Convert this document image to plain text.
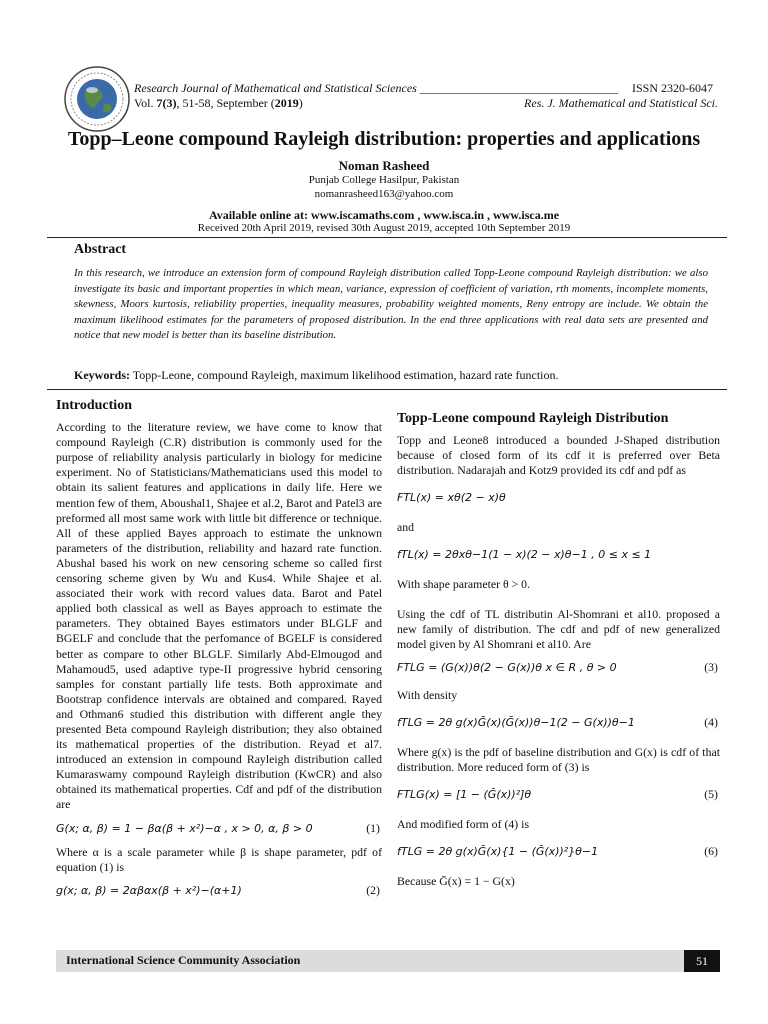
Research Journal of Mathematical and Statistical Sciences _________________________________ ISSN 2320-6047
Vol. 7(3), 51-58, September (2019)	Res. J. Mathematical and Statistical Sci.
Topp–Leone compound Rayleigh distribution: properties and applications
Noman Rasheed
Punjab College Hasilpur, Pakistan
nomanrasheed163@yahoo.com
Available online at: www.iscamaths.com , www.isca.in , www.isca.me
Received 20th April 2019, revised 30th August 2019, accepted 10th September 2019
Abstract
In this research, we introduce an extension form of compound Rayleigh distribution called Topp-Leone compound Rayleigh distribution: we also investigate its basic and important properties in which mean, variance, expression of coefficient of variation, rth moments, incomplete moments, skewness, Moors kurtosis, reliability properties, inequality measures, probability weighted moments, Reny entropy are include. We obtain the maximum likelihood estimates for the parameters of proposed distribution. In the end three applications with real data sets are presented and notice that new model is better than its baseline distribution.
Keywords: Topp-Leone, compound Rayleigh, maximum likelihood estimation, hazard rate function.
Introduction

According to the literature review, we have come to know that compound Rayleigh (C.R) distribution is commonly used for the purpose of reliability analysis particularly in biology for medicine experiment. No of Statisticians/Mathematicians used this model to obtain its salient features and applications in daily life. Here we mention few of them, Aboushal1, Shajee et al.2, Barot and Patel3 are preformed all most same work with little bit difference or technique. All of these applied Bayes approach to estimate the unknown parameters of the distribution, reliability and hazard rate function. Abushal based his work on new censoring scheme so called first censoring scheme given by Wu and Kus4. While Shajee et al. associated their work with record values data. Barot and Patel applied both classical as well as Bayes approach to estimate the parameters. They obtained Bayes estimators under BLGLF and BGELF and conclude that the perfomance of BGELF is considered better as compare to other BLGLF. Similarly Abd-Elmougod and Mahamoud5, used adaptive type-II progressive hybrid censoring samples for constant partially life tests. Both approximate and Bootstrap confidence intervals are obtained and compared. Rayed and Othman6 studied this distribution with different angle they presented Beta compound Rayleigh distribution; they also obtained its mathematical properties of the distribution. Reyad et al7. introduced an extension in compound Rayleigh distribution called Kumaraswamy compound Rayleigh distribution (KwCR) and also obtained its mathematical properties. Cdf and pdf of the distribution are

G(x; α, β) = 1 − βα(β + x²)−α , x > 0, α, β > 0	(1)

Where α is a scale parameter while β is shape parameter, pdf of equation (1) is

g(x; α, β) = 2αβαx(β + x²)−(α+1)	(2)
Topp-Leone compound Rayleigh Distribution

Topp and Leone8 introduced a bounded J-Shaped distribution because of closed form of its cdf it is preferred over Beta distribution. Nadarajah and Kotz9 provided its cdf and pdf as

FTL(x) = xθ(2 − x)θ

and

fTL(x) = 2θxθ−1(1 − x)(2 − x)θ−1 , 0 ≤ x ≤ 1

With shape parameter θ > 0.

Using the cdf of TL distributin Al-Shomrani et al10. proposed a new family of distribution. The cdf and pdf of new generalized model given by Al Shomrani et al10. Are

FTLG = (G(x))θ(2 − G(x))θ x ∈ R , θ > 0	(3)

With density

fTLG = 2θ g(x)Ḡ(x)(Ḡ(x))θ−1(2 − G(x))θ−1	(4)

Where g(x) is the pdf of baseline distribution and G(x) is cdf of that distribution. More reduced form of (3) is

FTLG(x) = [1 − (Ḡ(x))²]θ	(5)

And modified form of (4) is

fTLG = 2θ g(x)Ḡ(x){1 − (Ḡ(x))²}θ−1	(6)

Because Ḡ(x) = 1 − G(x)

International Science Community Association	51
